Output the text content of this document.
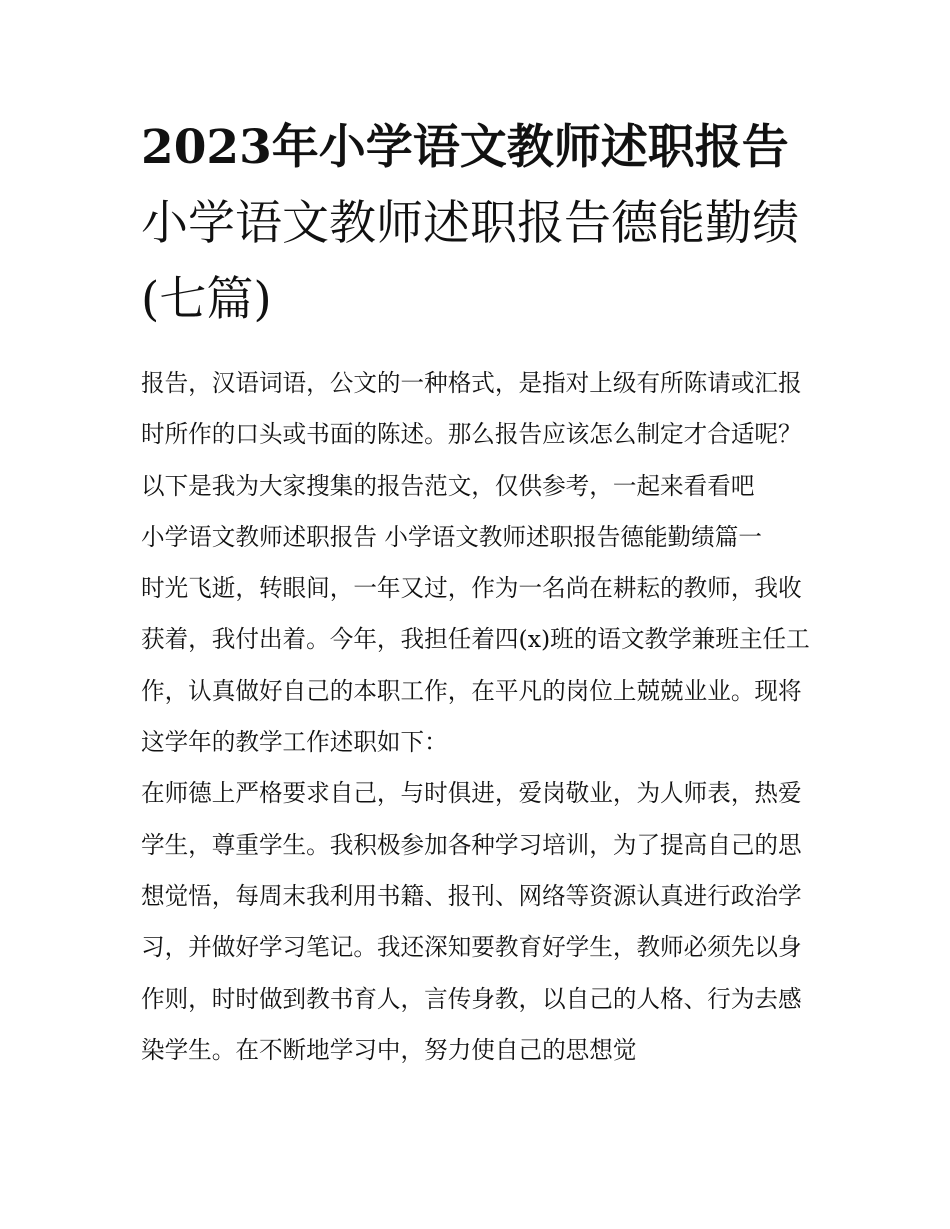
2023年小学语文教师述职报告小学语文教师述职报告德能勤绩(七篇)

报告，汉语词语，公文的一种格式，是指对上级有所陈请或汇报时所作的口头或书面的陈述。那么报告应该怎么制定才合适呢？以下是我为大家搜集的报告范文，仅供参考，一起来看看吧

小学语文教师述职报告 小学语文教师述职报告德能勤绩篇一

时光飞逝，转眼间，一年又过，作为一名尚在耕耘的教师，我收获着，我付出着。今年，我担任着四(x)班的语文教学兼班主任工作，认真做好自己的本职工作，在平凡的岗位上兢兢业业。现将这学年的教学工作述职如下：

在师德上严格要求自己，与时俱进，爱岗敬业，为人师表，热爱学生，尊重学生。我积极参加各种学习培训，为了提高自己的思想觉悟，每周末我利用书籍、报刊、网络等资源认真进行政治学习，并做好学习笔记。我还深知要教育好学生，教师必须先以身作则，时时做到教书育人，言传身教，以自己的人格、行为去感染学生。在不断地学习中，努力使自己的思想觉
